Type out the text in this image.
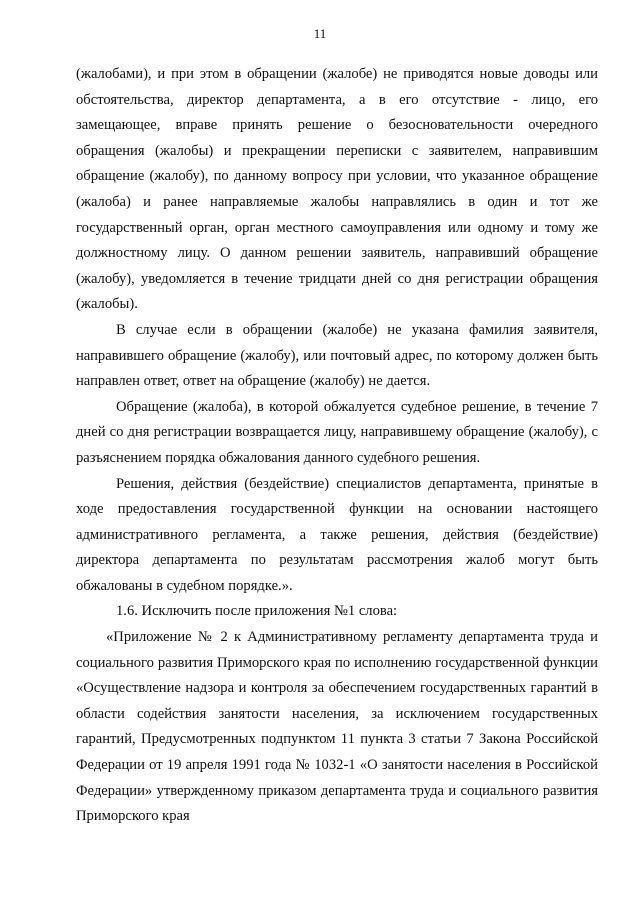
11

(жалобами), и при этом в обращении (жалобе) не приводятся новые доводы или обстоятельства, директор департамента, а в его отсутствие - лицо, его замещающее, вправе принять решение о безосновательности очередного обращения (жалобы) и прекращении переписки с заявителем, направившим обращение (жалобу), по данному вопросу при условии, что указанное обращение (жалоба) и ранее направляемые жалобы направлялись в один и тот же государственный орган, орган местного самоуправления или одному и тому же должностному лицу. О данном решении заявитель, направивший обращение (жалобу), уведомляется в течение тридцати дней со дня регистрации обращения (жалобы).

В случае если в обращении (жалобе) не указана фамилия заявителя, направившего обращение (жалобу), или почтовый адрес, по которому должен быть направлен ответ, ответ на обращение (жалобу) не дается.

Обращение (жалоба), в которой обжалуется судебное решение, в течение 7 дней со дня регистрации возвращается лицу, направившему обращение (жалобу), с разъяснением порядка обжалования данного судебного решения.

Решения, действия (бездействие) специалистов департамента, принятые в ходе предоставления государственной функции на основании настоящего административного регламента, а также решения, действия (бездействие) директора департамента по результатам рассмотрения жалоб могут быть обжалованы в судебном порядке.».

1.6. Исключить после приложения №1 слова:

«Приложение № 2 к Административному регламенту департамента труда и социального развития Приморского края по исполнению государственной функции «Осуществление надзора и контроля за обеспечением государственных гарантий в области содействия занятости населения, за исключением государственных гарантий, Предусмотренных подпунктом 11 пункта 3 статьи 7 Закона Российской Федерации от 19 апреля 1991 года № 1032-1 «О занятости населения в Российской Федерации» утвержденному приказом департамента труда и социального развития Приморского края
